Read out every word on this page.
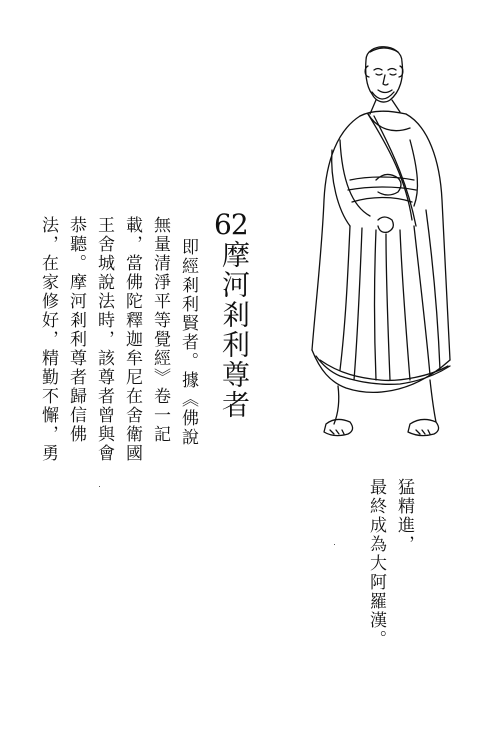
62
摩河剎利尊者
即經剎利賢者。據《佛說
無量清淨平等覺經》卷一記
載，當佛陀釋迦牟尼在舍衛國
王舍城說法時，該尊者曾與會
恭聽。摩河剎利尊者歸信佛
法，在家修好，精勤不懈，勇
猛精進，
最終成為大阿羅漢。
